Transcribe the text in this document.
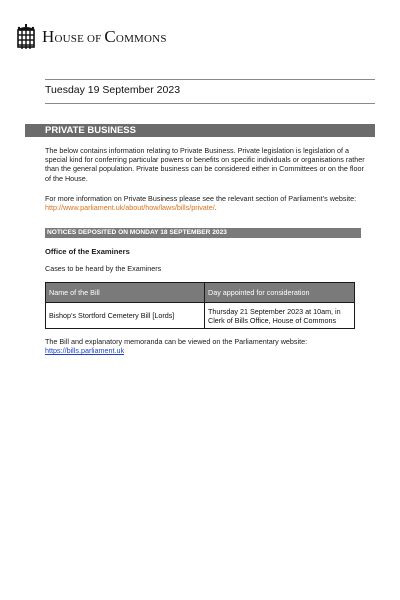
HOUSE OF COMMONS
Tuesday 19 September 2023
PRIVATE BUSINESS
The below contains information relating to Private Business. Private legislation is legislation of a special kind for conferring particular powers or benefits on specific individuals or organisations rather than the general population. Private business can be considered either in Committees or on the floor of the House.
For more information on Private Business please see the relevant section of Parliament’s website: http://www.parliament.uk/about/how/laws/bills/private/.
NOTICES DEPOSITED ON MONDAY 18 SEPTEMBER 2023
Office of the Examiners
Cases to be heard by the Examiners
Name of the Bill	Day appointed for consideration
Bishop’s Stortford Cemetery Bill [Lords]	Thursday 21 September 2023 at 10am, in
Clerk of Bills Office, House of Commons
The Bill and explanatory memoranda can be viewed on the Parliamentary website:
https://bills.parliament.uk
